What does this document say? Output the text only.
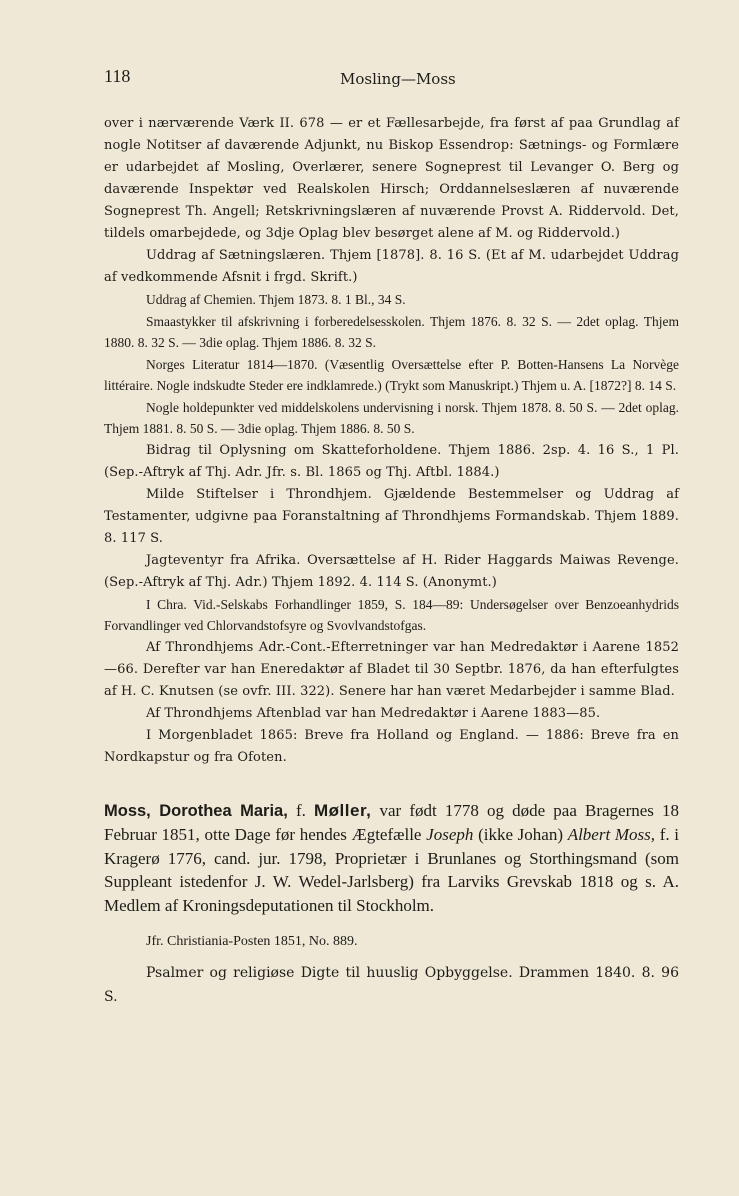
118	Mosling—Moss

over i nærværende Værk II. 678 — er et Fællesarbejde, fra først af paa Grundlag af nogle Notitser af daværende Adjunkt, nu Biskop Essendrop: Sætnings- og Formlære er udarbejdet af Mosling, Overlærer, senere Sogneprest til Levanger O. Berg og daværende Inspektør ved Realskolen Hirsch; Orddannelseslæren af nuværende Sogneprest Th. Angell; Retskrivningslæren af nuværende Provst A. Riddervold. Det, tildels omarbejdede, og 3dje Oplag blev besørget alene af M. og Riddervold.)

Uddrag af Sætningslæren. Thjem [1878]. 8. 16 S. (Et af M. udarbejdet Uddrag af vedkommende Afsnit i frgd. Skrift.)

Uddrag af Chemien. Thjem 1873. 8. 1 Bl., 34 S.

Smaastykker til afskrivning i forberedelsesskolen. Thjem 1876. 8. 32 S. — 2det oplag. Thjem 1880. 8. 32 S. — 3die oplag. Thjem 1886. 8. 32 S.

Norges Literatur 1814—1870. (Væsentlig Oversættelse efter P. Botten-Hansens La Norvège littéraire. Nogle indskudte Steder ere indklamrede.) (Trykt som Manuskript.) Thjem u. A. [1872?] 8. 14 S.

Nogle holdepunkter ved middelskolens undervisning i norsk. Thjem 1878. 8. 50 S. — 2det oplag. Thjem 1881. 8. 50 S. — 3die oplag. Thjem 1886. 8. 50 S.

Bidrag til Oplysning om Skatteforholdene. Thjem 1886. 2sp. 4. 16 S., 1 Pl. (Sep.-Aftryk af Thj. Adr. Jfr. s. Bl. 1865 og Thj. Aftbl. 1884.)

Milde Stiftelser i Throndhjem. Gjældende Bestemmelser og Uddrag af Testamenter, udgivne paa Foranstaltning af Throndhjems Formandskab. Thjem 1889. 8. 117 S.

Jagteventyr fra Afrika. Oversættelse af H. Rider Haggards Maiwas Revenge. (Sep.-Aftryk af Thj. Adr.) Thjem 1892. 4. 114 S. (Anonymt.)

I Chra. Vid.-Selskabs Forhandlinger 1859, S. 184—89: Undersøgelser over Benzoeanhydrids Forvandlinger ved Chlorvandstofsyre og Svovlvandstofgas.

Af Throndhjems Adr.-Cont.-Efterretninger var han Medredaktør i Aarene 1852—66. Derefter var han Eneredaktør af Bladet til 30 Septbr. 1876, da han efterfulgtes af H. C. Knutsen (se ovfr. III. 322). Senere har han været Medarbejder i samme Blad.

Af Throndhjems Aftenblad var han Medredaktør i Aarene 1883—85.

I Morgenbladet 1865: Breve fra Holland og England. — 1886: Breve fra en Nordkapstur og fra Ofoten.

Moss, Dorothea Maria, f. Møller, var født 1778 og døde paa Bragernes 18 Februar 1851, otte Dage før hendes Ægtefælle Joseph (ikke Johan) Albert Moss, f. i Kragerø 1776, cand. jur. 1798, Proprietær i Brunlanes og Storthingsmand (som Suppleant istedenfor J. W. Wedel-Jarlsberg) fra Larviks Grevskab 1818 og s. A. Medlem af Kroningsdeputationen til Stockholm.

Jfr. Christiania-Posten 1851, No. 889.

Psalmer og religiøse Digte til huuslig Opbyggelse. Drammen 1840. 8. 96 S.
